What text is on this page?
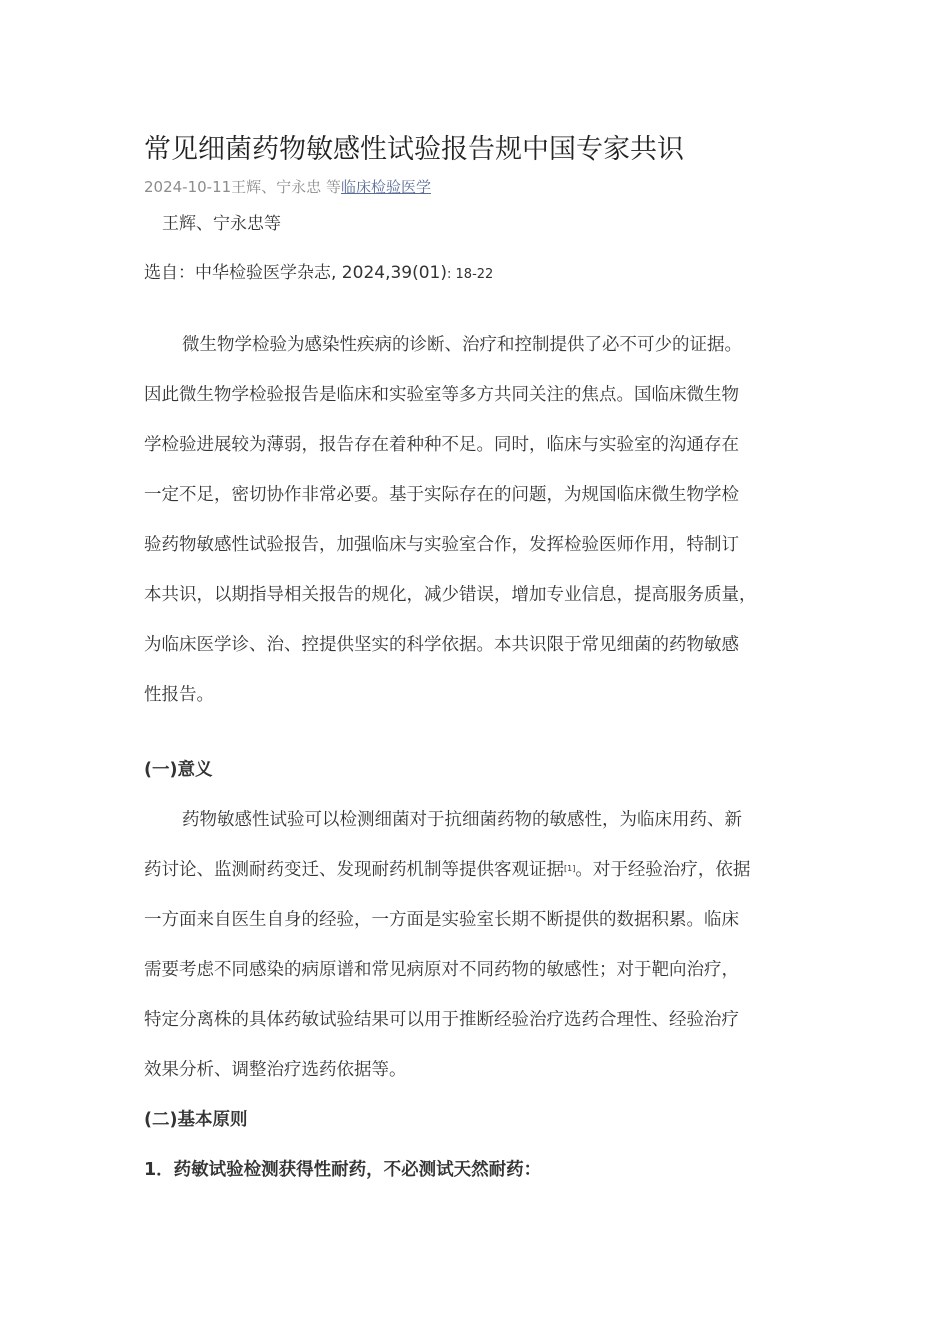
常见细菌药物敏感性试验报告规中国专家共识
2024-10-11王辉、宁永忠 等临床检验医学
王辉、宁永忠等
选自：中华检验医学杂志, 2024,39(01): 18-22
微生物学检验为感染性疾病的诊断、治疗和控制提供了必不可少的证据。
因此微生物学检验报告是临床和实验室等多方共同关注的焦点。国临床微生物
学检验进展较为薄弱，报告存在着种种不足。同时，临床与实验室的沟通存在
一定不足，密切协作非常必要。基于实际存在的问题，为规国临床微生物学检
验药物敏感性试验报告，加强临床与实验室合作，发挥检验医师作用，特制订
本共识，以期指导相关报告的规化，减少错误，增加专业信息，提高服务质量，
为临床医学诊、治、控提供坚实的科学依据。本共识限于常见细菌的药物敏感
性报告。
(一)意义
药物敏感性试验可以检测细菌对于抗细菌药物的敏感性，为临床用药、新
药讨论、监测耐药变迁、发现耐药机制等提供客观证据[1]。对于经验治疗，依据
一方面来自医生自身的经验，一方面是实验室长期不断提供的数据积累。临床
需要考虑不同感染的病原谱和常见病原对不同药物的敏感性；对于靶向治疗，
特定分离株的具体药敏试验结果可以用于推断经验治疗选药合理性、经验治疗
效果分析、调整治疗选药依据等。
(二)基本原则
1．药敏试验检测获得性耐药，不必测试天然耐药：
